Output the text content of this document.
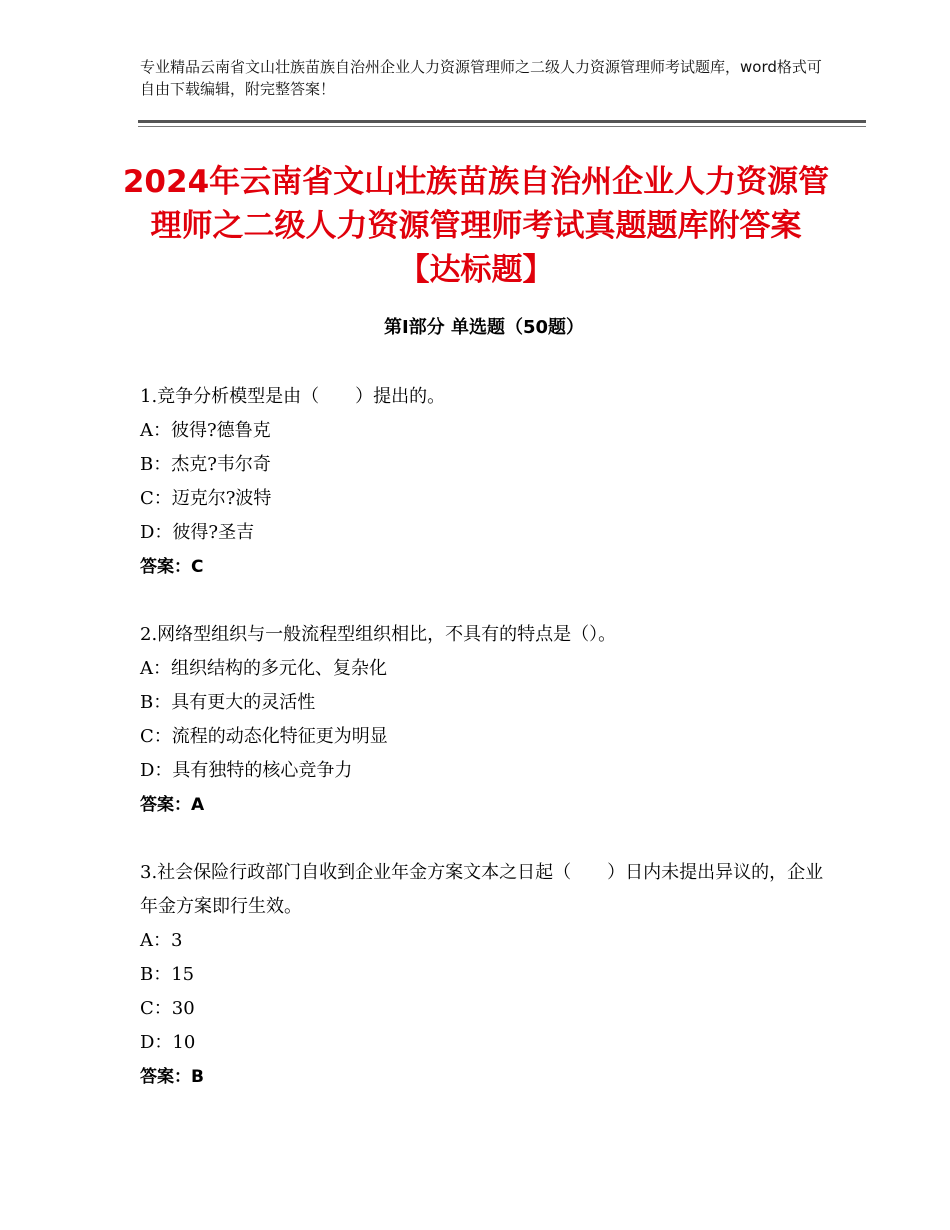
专业精品云南省文山壮族苗族自治州企业人力资源管理师之二级人力资源管理师考试题库，word格式可自由下载编辑，附完整答案！
2024年云南省文山壮族苗族自治州企业人力资源管理师之二级人力资源管理师考试真题题库附答案【达标题】
第Ⅰ部分 单选题（50题）

1.竞争分析模型是由（　　）提出的。

A：彼得?德鲁克

B：杰克?韦尔奇

C：迈克尔?波特

D：彼得?圣吉

答案：C

2.网络型组织与一般流程型组织相比，不具有的特点是（）。

A：组织结构的多元化、复杂化

B：具有更大的灵活性

C：流程的动态化特征更为明显

D：具有独特的核心竞争力

答案：A

3.社会保险行政部门自收到企业年金方案文本之日起（　　）日内未提出异议的，企业年金方案即行生效。

A：3

B：15

C：30

D：10

答案：B
